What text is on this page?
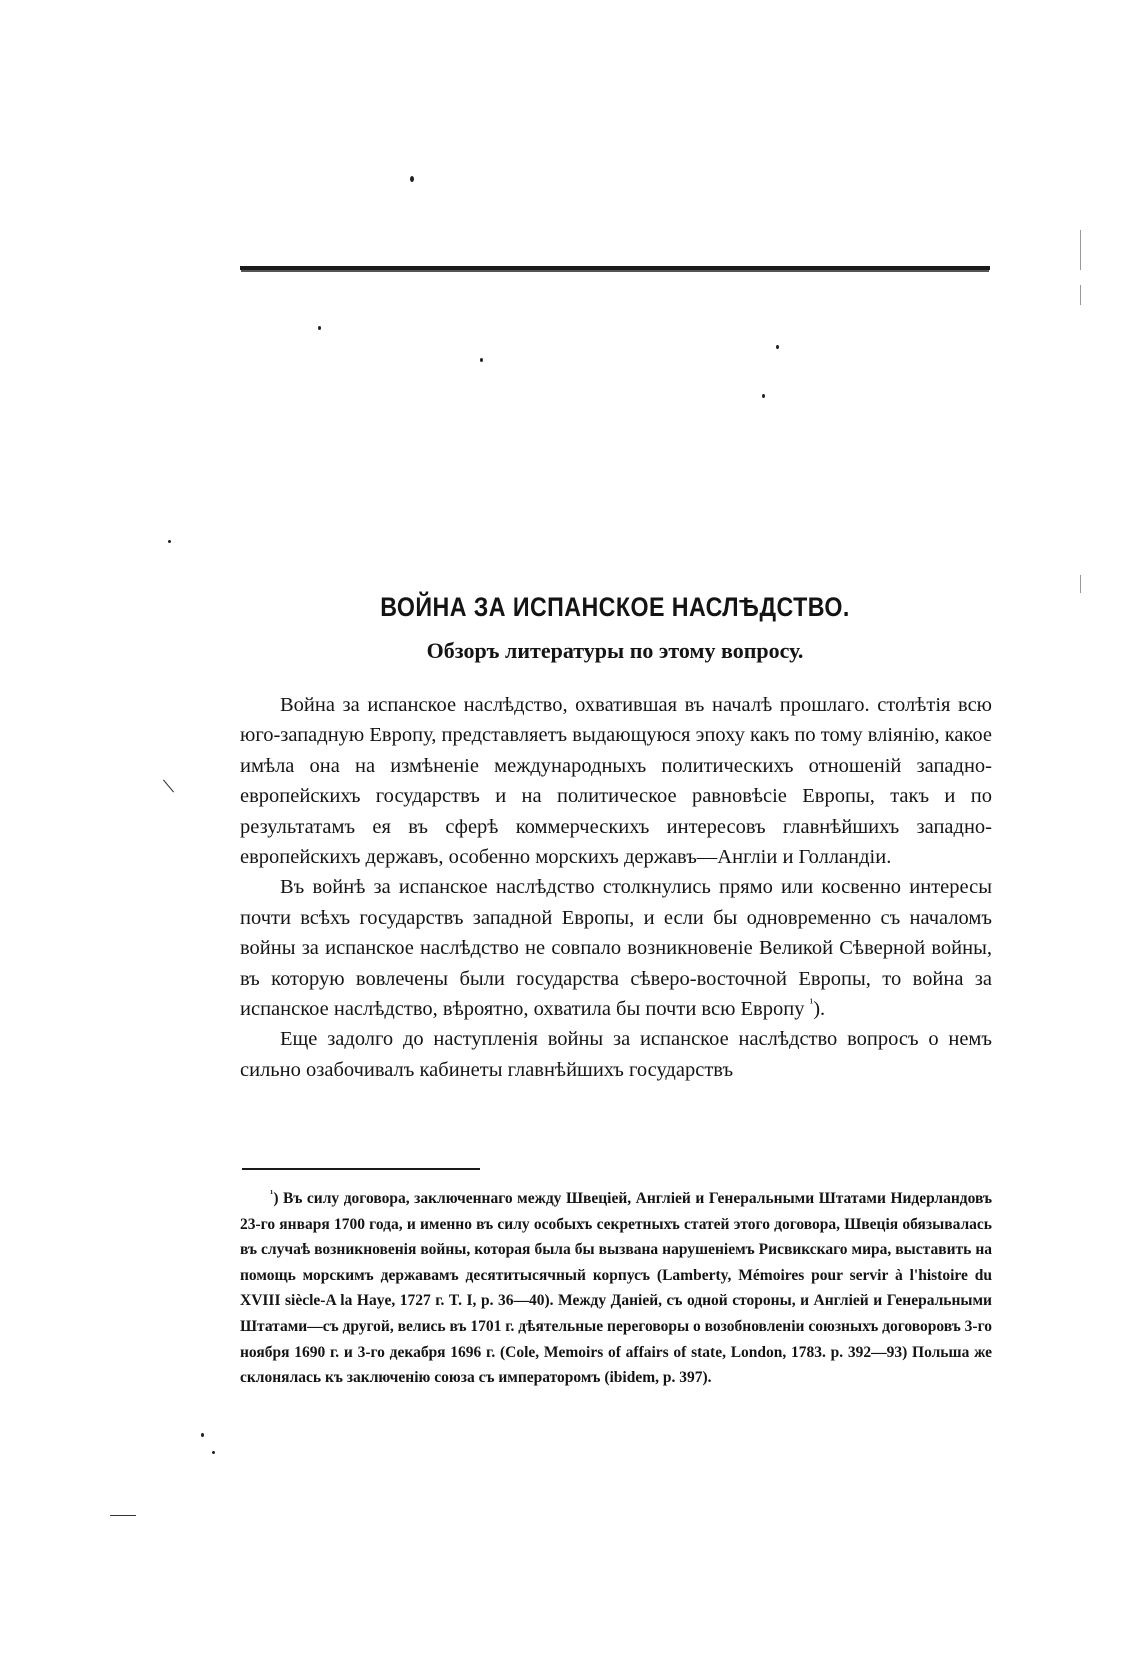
ВОЙНА ЗА ИСПАНСКОЕ НАСЛѢДСТВО.
Обзоръ литературы по этому вопросу.

Война за испанское наслѣдство, охватившая въ началѣ прошлаго. столѣтія всю юго-западную Европу, представляетъ выдающуюся эпоху какъ по тому вліянію, какое имѣла она на измѣненіе международныхъ политическихъ отношеній западно-европейскихъ государствъ и на политическое равновѣсіе Европы, такъ и по результатамъ ея въ сферѣ коммерческихъ интересовъ главнѣйшихъ западно-европейскихъ державъ, особенно морскихъ державъ—Англіи и Голландіи.

Въ войнѣ за испанское наслѣдство столкнулись прямо или косвенно интересы почти всѣхъ государствъ западной Европы, и если бы одновременно съ началомъ войны за испанское наслѣдство не совпало возникновеніе Великой Сѣверной войны, въ которую вовлечены были государства сѣверо-восточной Европы, то война за испанское наслѣдство, вѣроятно, охватила бы почти всю Европу $^{^1}$).

Еще задолго до наступленія войны за испанское наслѣдство вопросъ о немъ сильно озабочивалъ кабинеты главнѣйшихъ государствъ

$^{^1}$) Въ силу договора, заключеннаго между Швеціей, Англіей и Генеральными Штатами Нидерландовъ 23-го января 1700 года, и именно въ силу особыхъ секретныхъ статей этого договора, Швеція обязывалась въ случаѣ возникновенія войны, которая была бы вызвана нарушеніемъ Рисвикскаго мира, выставить на помощь морскимъ державамъ десятитысячный корпусъ (Lamberty, Mémoires pour servir à l'histoire du XVIII siècle-A la Haye, 1727 г. T. I, p. 36—40). Между Даніей, съ одной стороны, и Англіей и Генеральными Штатами—съ другой, велись въ 1701 г. дѣятельные переговоры о возобновленіи союзныхъ договоровъ 3-го ноября 1690 г. и 3-го декабря 1696 г. (Cole, Memoirs of affairs of state, London, 1783. p. 392—93) Польша же склонялась къ заключенію союза съ императоромъ (ibidem, p. 397).
